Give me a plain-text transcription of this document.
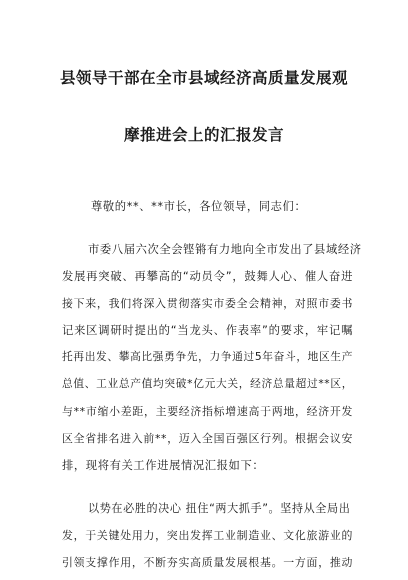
县领导干部在全市县域经济高质量发展观
摩推进会上的汇报发言
尊敬的**、**市长，各位领导，同志们：
市委八届六次全会铿锵有力地向全市发出了县域经济
发展再突破、再攀高的“动员令”，鼓舞人心、催人奋进
接下来，我们将深入贯彻落实市委全会精神，对照市委书
记来区调研时提出的“当龙头、作表率”的要求，牢记嘱
托再出发、攀高比强勇争先，力争通过5年奋斗，地区生产
总值、工业总产值均突破*亿元大关，经济总量超过**区，
与**市缩小差距，主要经济指标增速高于两地，经济开发
区全省排名进入前**，迈入全国百强区行列。根据会议安
排，现将有关工作进展情况汇报如下：
以势在必胜的决心 扭住“两大抓手”。坚持从全局出
发，于关键处用力，突出发挥工业制造业、文化旅游业的
引领支撑作用，不断夯实高质量发展根基。一方面，推动
